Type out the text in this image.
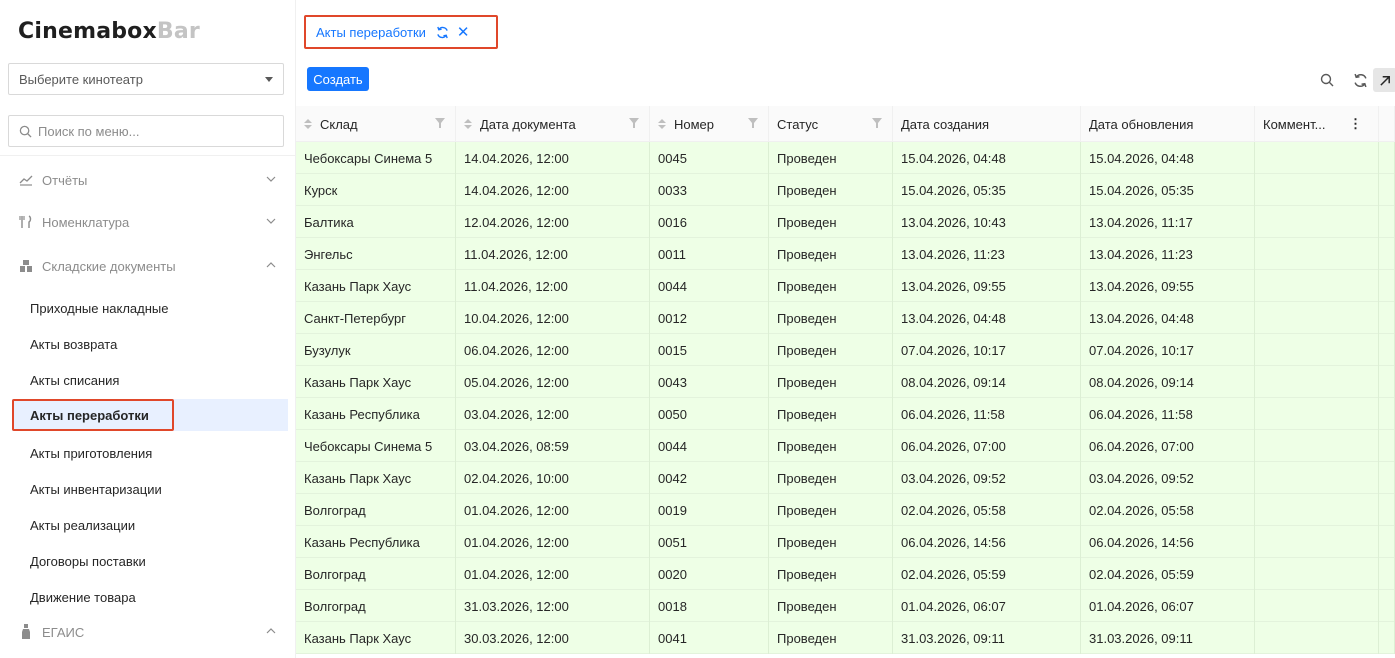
CinemaboxBar
Выберите кинотеатр
Поиск по меню...
Отчёты
Номенклатура
Складские документы
Приходные накладные
Акты возврата
Акты списания
Акты переработки
Акты приготовления
Акты инвентаризации
Акты реализации
Договоры поставки
Движение товара
ЕГАИС
Акты переработки ✕
Создать
Склад	Дата документа	Номер	Статус	Дата создания	Дата обновления	Коммент... ⋮
Чебоксары Синема 5	14.04.2026, 12:00	0045	Проведен	15.04.2026, 04:48	15.04.2026, 04:48
Курск	14.04.2026, 12:00	0033	Проведен	15.04.2026, 05:35	15.04.2026, 05:35
Балтика	12.04.2026, 12:00	0016	Проведен	13.04.2026, 10:43	13.04.2026, 11:17
Энгельс	11.04.2026, 12:00	0011	Проведен	13.04.2026, 11:23	13.04.2026, 11:23
Казань Парк Хаус	11.04.2026, 12:00	0044	Проведен	13.04.2026, 09:55	13.04.2026, 09:55
Санкт-Петербург	10.04.2026, 12:00	0012	Проведен	13.04.2026, 04:48	13.04.2026, 04:48
Бузулук	06.04.2026, 12:00	0015	Проведен	07.04.2026, 10:17	07.04.2026, 10:17
Казань Парк Хаус	05.04.2026, 12:00	0043	Проведен	08.04.2026, 09:14	08.04.2026, 09:14
Казань Республика	03.04.2026, 12:00	0050	Проведен	06.04.2026, 11:58	06.04.2026, 11:58
Чебоксары Синема 5	03.04.2026, 08:59	0044	Проведен	06.04.2026, 07:00	06.04.2026, 07:00
Казань Парк Хаус	02.04.2026, 10:00	0042	Проведен	03.04.2026, 09:52	03.04.2026, 09:52
Волгоград	01.04.2026, 12:00	0019	Проведен	02.04.2026, 05:58	02.04.2026, 05:58
Казань Республика	01.04.2026, 12:00	0051	Проведен	06.04.2026, 14:56	06.04.2026, 14:56
Волгоград	01.04.2026, 12:00	0020	Проведен	02.04.2026, 05:59	02.04.2026, 05:59
Волгоград	31.03.2026, 12:00	0018	Проведен	01.04.2026, 06:07	01.04.2026, 06:07
Казань Парк Хаус	30.03.2026, 12:00	0041	Проведен	31.03.2026, 09:11	31.03.2026, 09:11
